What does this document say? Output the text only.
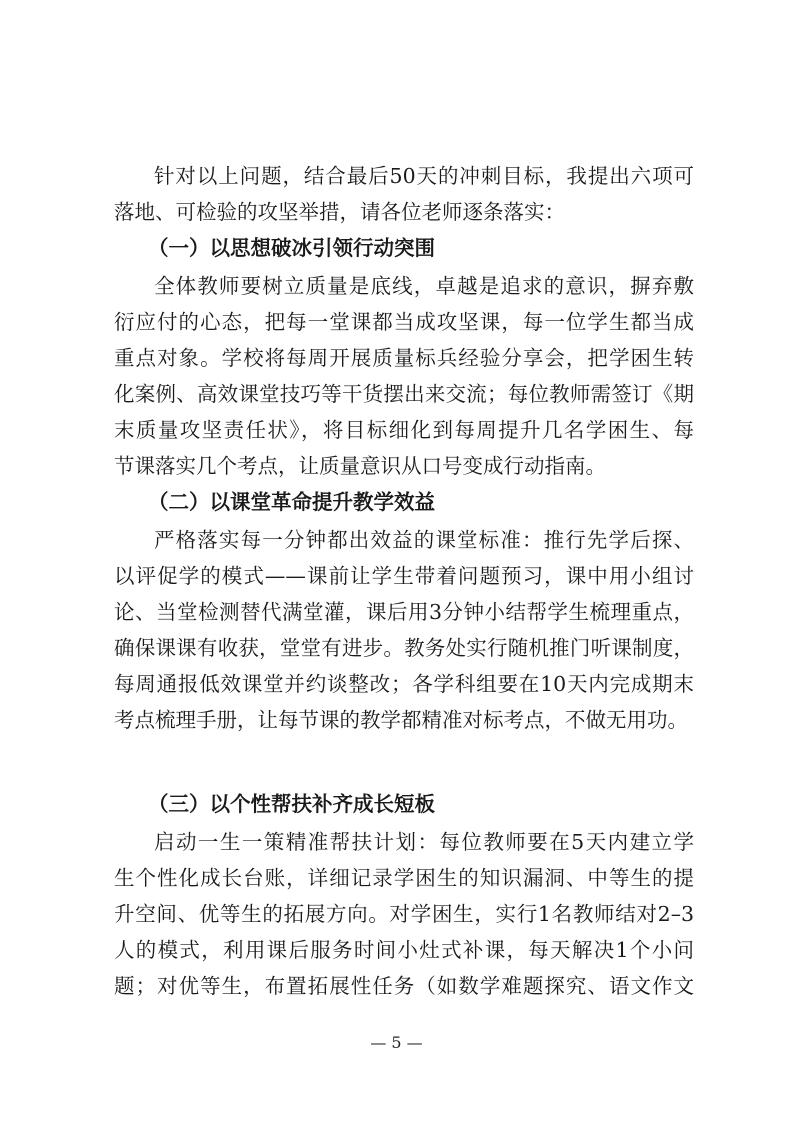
针对以上问题，结合最后50天的冲刺目标，我提出六项可
落地、可检验的攻坚举措，请各位老师逐条落实：
（一）以思想破冰引领行动突围
全体教师要树立质量是底线，卓越是追求的意识，摒弃敷
衍应付的心态，把每一堂课都当成攻坚课，每一位学生都当成
重点对象。学校将每周开展质量标兵经验分享会，把学困生转
化案例、高效课堂技巧等干货摆出来交流；每位教师需签订《期
末质量攻坚责任状》，将目标细化到每周提升几名学困生、每
节课落实几个考点，让质量意识从口号变成行动指南。
（二）以课堂革命提升教学效益
严格落实每一分钟都出效益的课堂标准：推行先学后探、
以评促学的模式——课前让学生带着问题预习，课中用小组讨
论、当堂检测替代满堂灌，课后用3分钟小结帮学生梳理重点，
确保课课有收获，堂堂有进步。教务处实行随机推门听课制度，
每周通报低效课堂并约谈整改；各学科组要在10天内完成期末
考点梳理手册，让每节课的教学都精准对标考点，不做无用功。
（三）以个性帮扶补齐成长短板
启动一生一策精准帮扶计划：每位教师要在5天内建立学
生个性化成长台账，详细记录学困生的知识漏洞、中等生的提
升空间、优等生的拓展方向。对学困生，实行1名教师结对2–3
人的模式，利用课后服务时间小灶式补课，每天解决1个小问
题；对优等生，布置拓展性任务（如数学难题探究、语文作文
— 5 —
